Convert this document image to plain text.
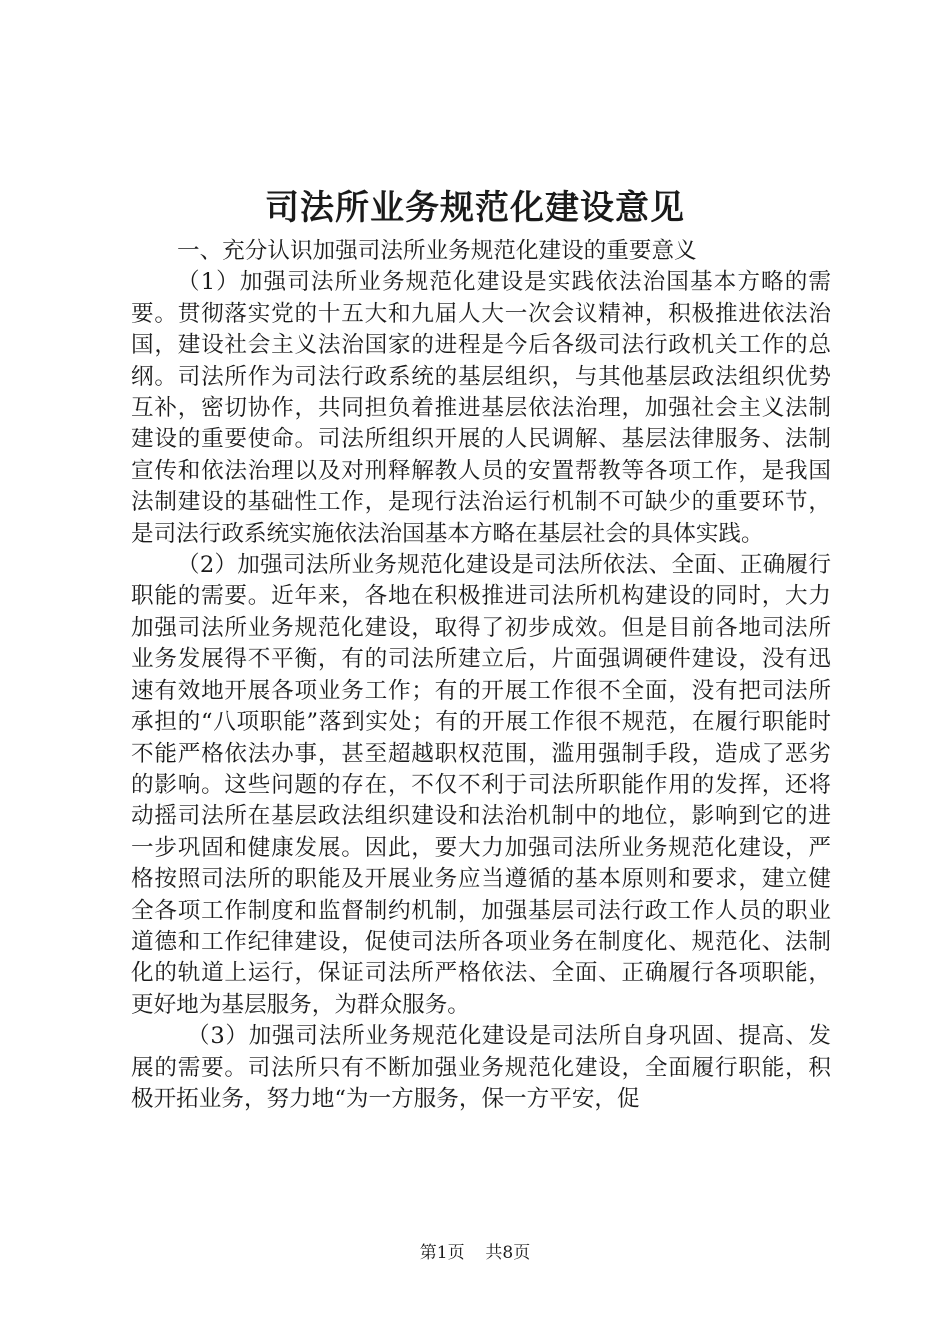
司法所业务规范化建设意见

一、充分认识加强司法所业务规范化建设的重要意义

（1）加强司法所业务规范化建设是实践依法治国基本方略的需要。贯彻落实党的十五大和九届人大一次会议精神，积极推进依法治国，建设社会主义法治国家的进程是今后各级司法行政机关工作的总纲。司法所作为司法行政系统的基层组织，与其他基层政法组织优势互补，密切协作，共同担负着推进基层依法治理，加强社会主义法制建设的重要使命。司法所组织开展的人民调解、基层法律服务、法制宣传和依法治理以及对刑释解教人员的安置帮教等各项工作，是我国法制建设的基础性工作，是现行法治运行机制不可缺少的重要环节，是司法行政系统实施依法治国基本方略在基层社会的具体实践。

（2）加强司法所业务规范化建设是司法所依法、全面、正确履行职能的需要。近年来，各地在积极推进司法所机构建设的同时，大力加强司法所业务规范化建设，取得了初步成效。但是目前各地司法所业务发展得不平衡，有的司法所建立后，片面强调硬件建设，没有迅速有效地开展各项业务工作；有的开展工作很不全面，没有把司法所承担的“八项职能”落到实处；有的开展工作很不规范，在履行职能时不能严格依法办事，甚至超越职权范围，滥用强制手段，造成了恶劣的影响。这些问题的存在，不仅不利于司法所职能作用的发挥，还将动摇司法所在基层政法组织建设和法治机制中的地位，影响到它的进一步巩固和健康发展。因此，要大力加强司法所业务规范化建设，严格按照司法所的职能及开展业务应当遵循的基本原则和要求，建立健全各项工作制度和监督制约机制，加强基层司法行政工作人员的职业道德和工作纪律建设，促使司法所各项业务在制度化、规范化、法制化的轨道上运行，保证司法所严格依法、全面、正确履行各项职能，更好地为基层服务，为群众服务。

（3）加强司法所业务规范化建设是司法所自身巩固、提高、发展的需要。司法所只有不断加强业务规范化建设，全面履行职能，积极开拓业务，努力地“为一方服务，保一方平安，促

第1页 共8页
